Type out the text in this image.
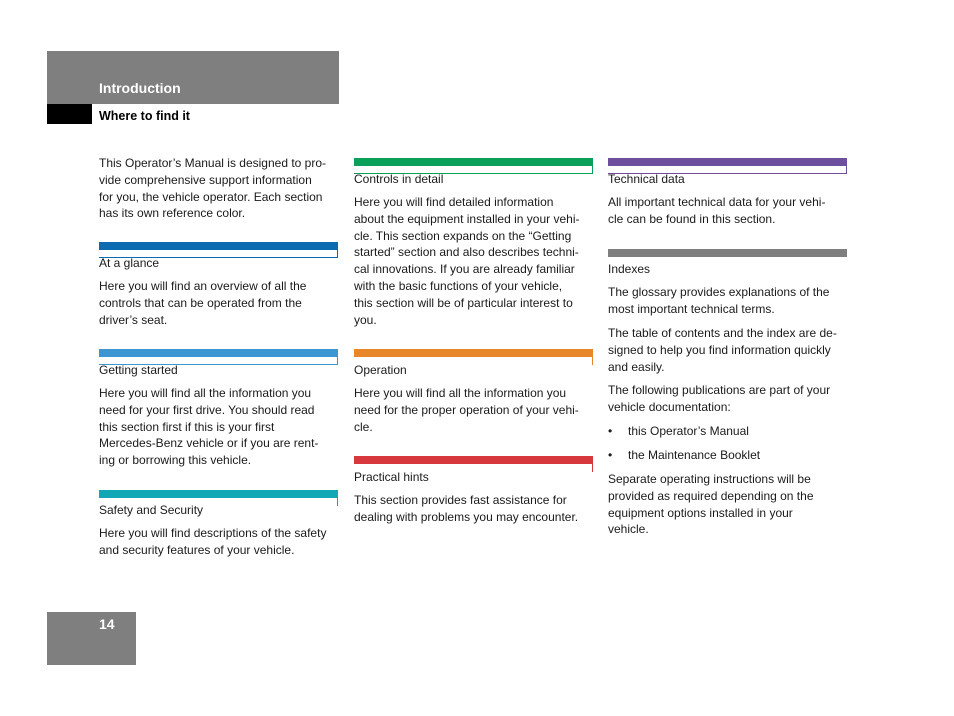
Introduction
Where to find it

This Operator’s Manual is designed to pro-
vide comprehensive support information
for you, the vehicle operator. Each section
has its own reference color.

At a glance

Here you will find an overview of all the
controls that can be operated from the
driver’s seat.

Getting started

Here you will find all the information you
need for your first drive. You should read
this section first if this is your first
Mercedes-Benz vehicle or if you are rent-
ing or borrowing this vehicle.

Safety and Security

Here you will find descriptions of the safety
and security features of your vehicle.

Controls in detail

Here you will find detailed information
about the equipment installed in your vehi-
cle. This section expands on the “Getting
started” section and also describes techni-
cal innovations. If you are already familiar
with the basic functions of your vehicle,
this section will be of particular interest to
you.

Operation

Here you will find all the information you
need for the proper operation of your vehi-
cle.

Practical hints

This section provides fast assistance for
dealing with problems you may encounter.

Technical data

All important technical data for your vehi-
cle can be found in this section.

Indexes

The glossary provides explanations of the
most important technical terms.

The table of contents and the index are de-
signed to help you find information quickly
and easily.

The following publications are part of your
vehicle documentation:

• this Operator’s Manual
• the Maintenance Booklet

Separate operating instructions will be
provided as required depending on the
equipment options installed in your
vehicle.

14
